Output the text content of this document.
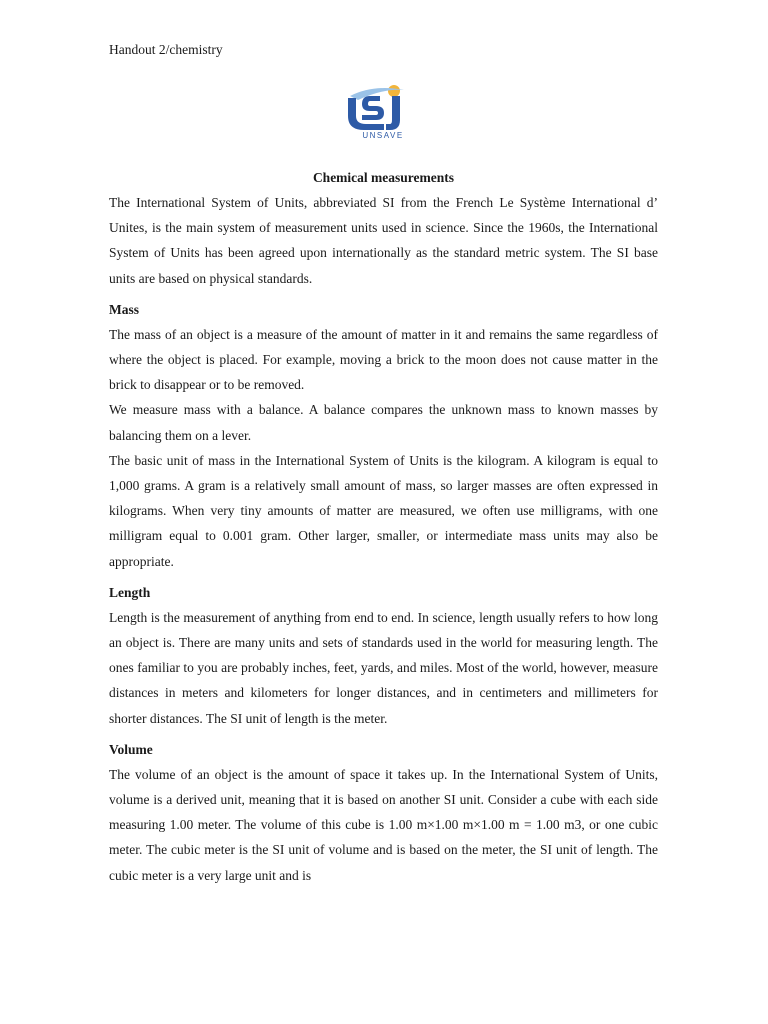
Handout 2/chemistry
UNSAVE
Chemical measurements

The International System of Units, abbreviated SI from the French Le Système International d’ Unites, is the main system of measurement units used in science. Since the 1960s, the International System of Units has been agreed upon internationally as the standard metric system. The SI base units are based on physical standards.

Mass

The mass of an object is a measure of the amount of matter in it and remains the same regardless of where the object is placed. For example, moving a brick to the moon does not cause matter in the brick to disappear or to be removed.

We measure mass with a balance. A balance compares the unknown mass to known masses by balancing them on a lever.

The basic unit of mass in the International System of Units is the kilogram. A kilogram is equal to 1,000 grams. A gram is a relatively small amount of mass, so larger masses are often expressed in kilograms. When very tiny amounts of matter are measured, we often use milligrams, with one milligram equal to 0.001 gram. Other larger, smaller, or intermediate mass units may also be appropriate.

Length

Length is the measurement of anything from end to end. In science, length usually refers to how long an object is. There are many units and sets of standards used in the world for measuring length. The ones familiar to you are probably inches, feet, yards, and miles. Most of the world, however, measure distances in meters and kilometers for longer distances, and in centimeters and millimeters for shorter distances. The SI unit of length is the meter.

Volume

The volume of an object is the amount of space it takes up. In the International System of Units, volume is a derived unit, meaning that it is based on another SI unit. Consider a cube with each side measuring 1.00 meter. The volume of this cube is 1.00 m×1.00 m×1.00 m = 1.00 m3, or one cubic meter. The cubic meter is the SI unit of volume and is based on the meter, the SI unit of length. The cubic meter is a very large unit and is
